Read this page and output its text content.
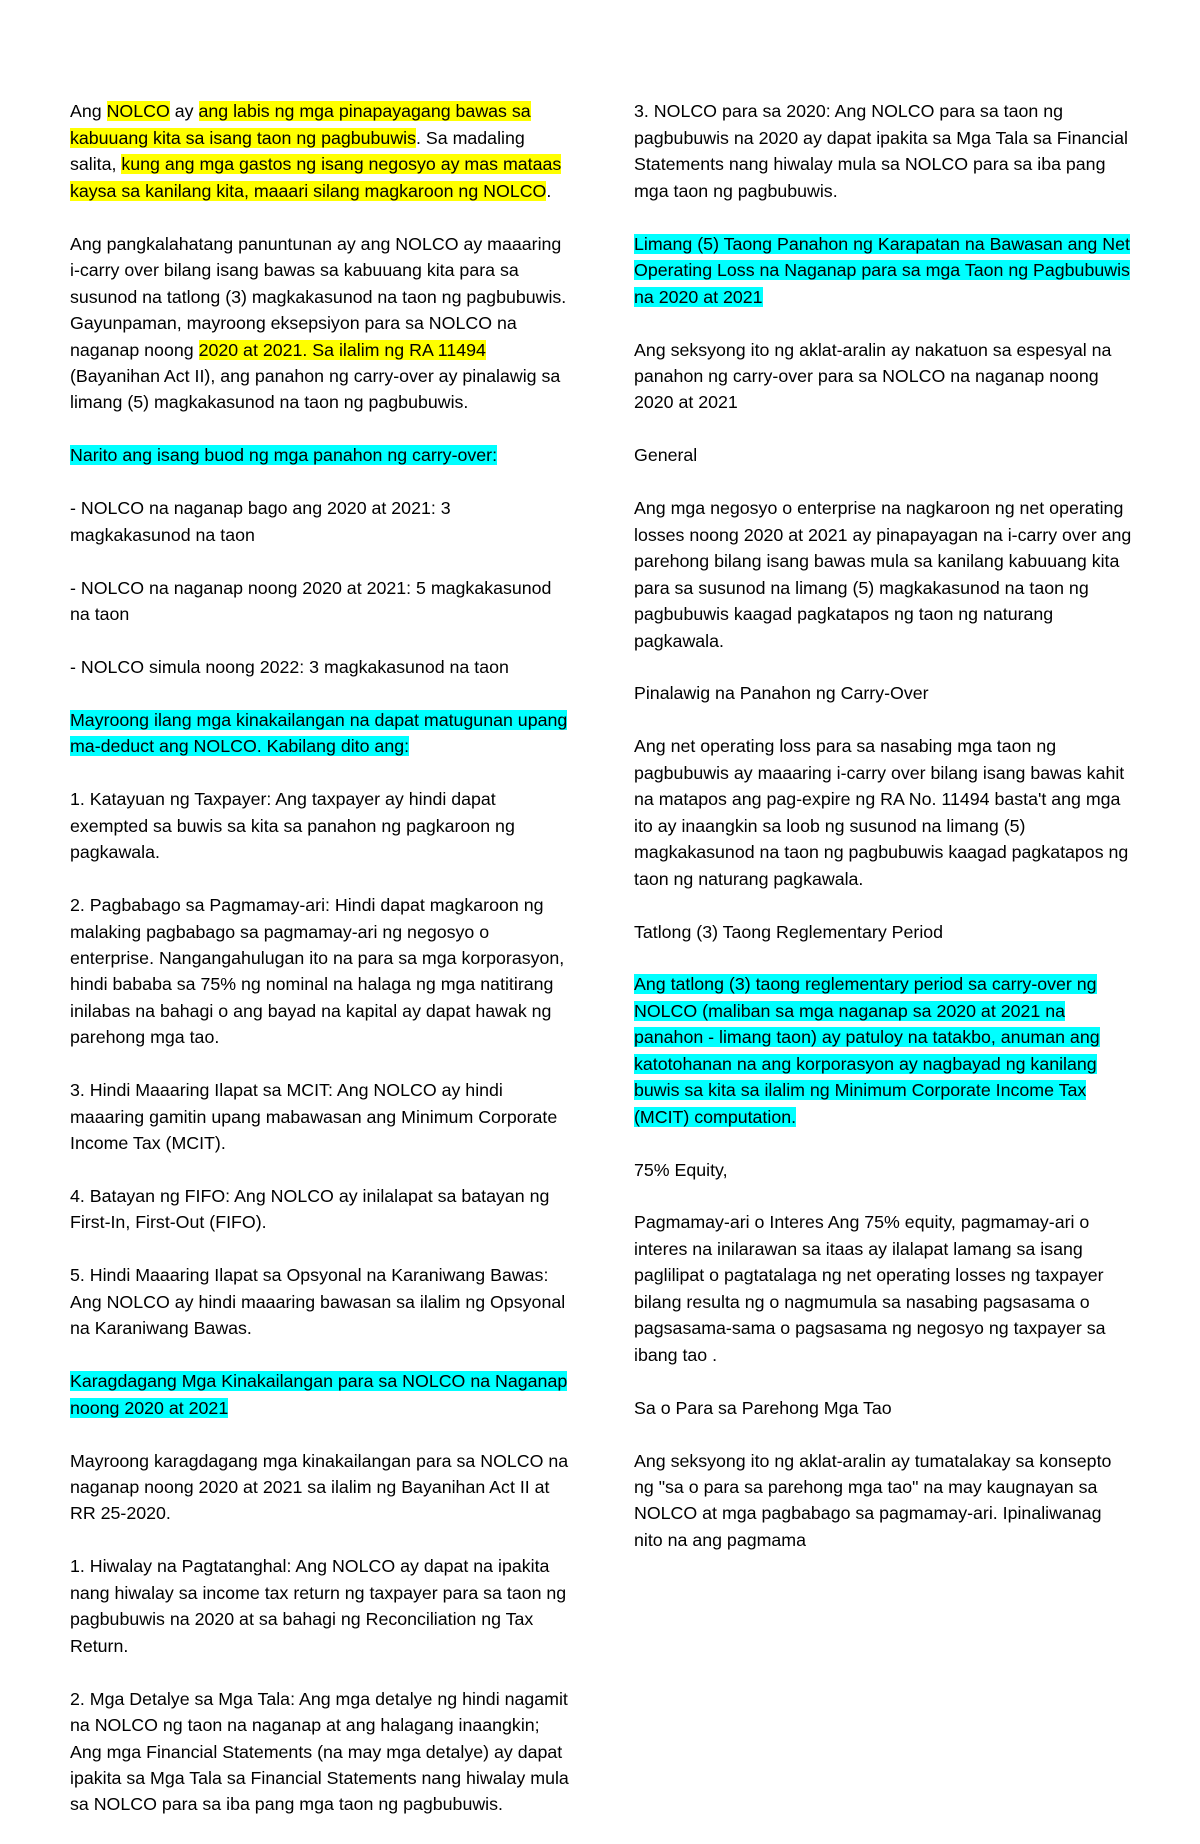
Ang NOLCO ay ang labis ng mga pinapayagang bawas sa kabuuang kita sa isang taon ng pagbubuwis. Sa madaling salita, kung ang mga gastos ng isang negosyo ay mas mataas kaysa sa kanilang kita, maaari silang magkaroon ng NOLCO.

Ang pangkalahatang panuntunan ay ang NOLCO ay maaaring i-carry over bilang isang bawas sa kabuuang kita para sa susunod na tatlong (3) magkakasunod na taon ng pagbubuwis. Gayunpaman, mayroong eksepsiyon para sa NOLCO na naganap noong 2020 at 2021. Sa ilalim ng RA 11494 (Bayanihan Act II), ang panahon ng carry-over ay pinalawig sa limang (5) magkakasunod na taon ng pagbubuwis.

Narito ang isang buod ng mga panahon ng carry-over:

- NOLCO na naganap bago ang 2020 at 2021: 3 magkakasunod na taon

- NOLCO na naganap noong 2020 at 2021: 5 magkakasunod na taon

- NOLCO simula noong 2022: 3 magkakasunod na taon

Mayroong ilang mga kinakailangan na dapat matugunan upang ma-deduct ang NOLCO. Kabilang dito ang:

1. Katayuan ng Taxpayer: Ang taxpayer ay hindi dapat exempted sa buwis sa kita sa panahon ng pagkaroon ng pagkawala.

2. Pagbabago sa Pagmamay-ari: Hindi dapat magkaroon ng malaking pagbabago sa pagmamay-ari ng negosyo o enterprise. Nangangahulugan ito na para sa mga korporasyon, hindi bababa sa 75% ng nominal na halaga ng mga natitirang inilabas na bahagi o ang bayad na kapital ay dapat hawak ng parehong mga tao.

3. Hindi Maaaring Ilapat sa MCIT: Ang NOLCO ay hindi maaaring gamitin upang mabawasan ang Minimum Corporate Income Tax (MCIT).

4. Batayan ng FIFO: Ang NOLCO ay inilalapat sa batayan ng First-In, First-Out (FIFO).

5. Hindi Maaaring Ilapat sa Opsyonal na Karaniwang Bawas: Ang NOLCO ay hindi maaaring bawasan sa ilalim ng Opsyonal na Karaniwang Bawas.

Karagdagang Mga Kinakailangan para sa NOLCO na Naganap noong 2020 at 2021

Mayroong karagdagang mga kinakailangan para sa NOLCO na naganap noong 2020 at 2021 sa ilalim ng Bayanihan Act II at RR 25-2020.

1. Hiwalay na Pagtatanghal: Ang NOLCO ay dapat na ipakita nang hiwalay sa income tax return ng taxpayer para sa taon ng pagbubuwis na 2020 at sa bahagi ng Reconciliation ng Tax Return.

2. Mga Detalye sa Mga Tala: Ang mga detalye ng hindi nagamit na NOLCO ng taon na naganap at ang halagang inaangkin; Ang mga Financial Statements (na may mga detalye) ay dapat ipakita sa Mga Tala sa Financial Statements nang hiwalay mula sa NOLCO para sa iba pang mga taon ng pagbubuwis.

3. NOLCO para sa 2020: Ang NOLCO para sa taon ng pagbubuwis na 2020 ay dapat ipakita sa Mga Tala sa Financial Statements nang hiwalay mula sa NOLCO para sa iba pang mga taon ng pagbubuwis.

Limang (5) Taong Panahon ng Karapatan na Bawasan ang Net Operating Loss na Naganap para sa mga Taon ng Pagbubuwis na 2020 at 2021

Ang seksyong ito ng aklat-aralin ay nakatuon sa espesyal na panahon ng carry-over para sa NOLCO na naganap noong 2020 at 2021

General

Ang mga negosyo o enterprise na nagkaroon ng net operating losses noong 2020 at 2021 ay pinapayagan na i-carry over ang parehong bilang isang bawas mula sa kanilang kabuuang kita para sa susunod na limang (5) magkakasunod na taon ng pagbubuwis kaagad pagkatapos ng taon ng naturang pagkawala.

Pinalawig na Panahon ng Carry-Over

Ang net operating loss para sa nasabing mga taon ng pagbubuwis ay maaaring i-carry over bilang isang bawas kahit na matapos ang pag-expire ng RA No. 11494 basta't ang mga ito ay inaangkin sa loob ng susunod na limang (5) magkakasunod na taon ng pagbubuwis kaagad pagkatapos ng taon ng naturang pagkawala.

Tatlong (3) Taong Reglementary Period

Ang tatlong (3) taong reglementary period sa carry-over ng NOLCO (maliban sa mga naganap sa 2020 at 2021 na panahon - limang taon) ay patuloy na tatakbo, anuman ang katotohanan na ang korporasyon ay nagbayad ng kanilang buwis sa kita sa ilalim ng Minimum Corporate Income Tax (MCIT) computation.

75% Equity,

Pagmamay-ari o Interes Ang 75% equity, pagmamay-ari o interes na inilarawan sa itaas ay ilalapat lamang sa isang paglilipat o pagtatalaga ng net operating losses ng taxpayer bilang resulta ng o nagmumula sa nasabing pagsasama o pagsasama-sama o pagsasama ng negosyo ng taxpayer sa ibang tao .

Sa o Para sa Parehong Mga Tao

Ang seksyong ito ng aklat-aralin ay tumatalakay sa konsepto ng "sa o para sa parehong mga tao" na may kaugnayan sa NOLCO at mga pagbabago sa pagmamay-ari. Ipinaliwanag nito na ang pagmama
